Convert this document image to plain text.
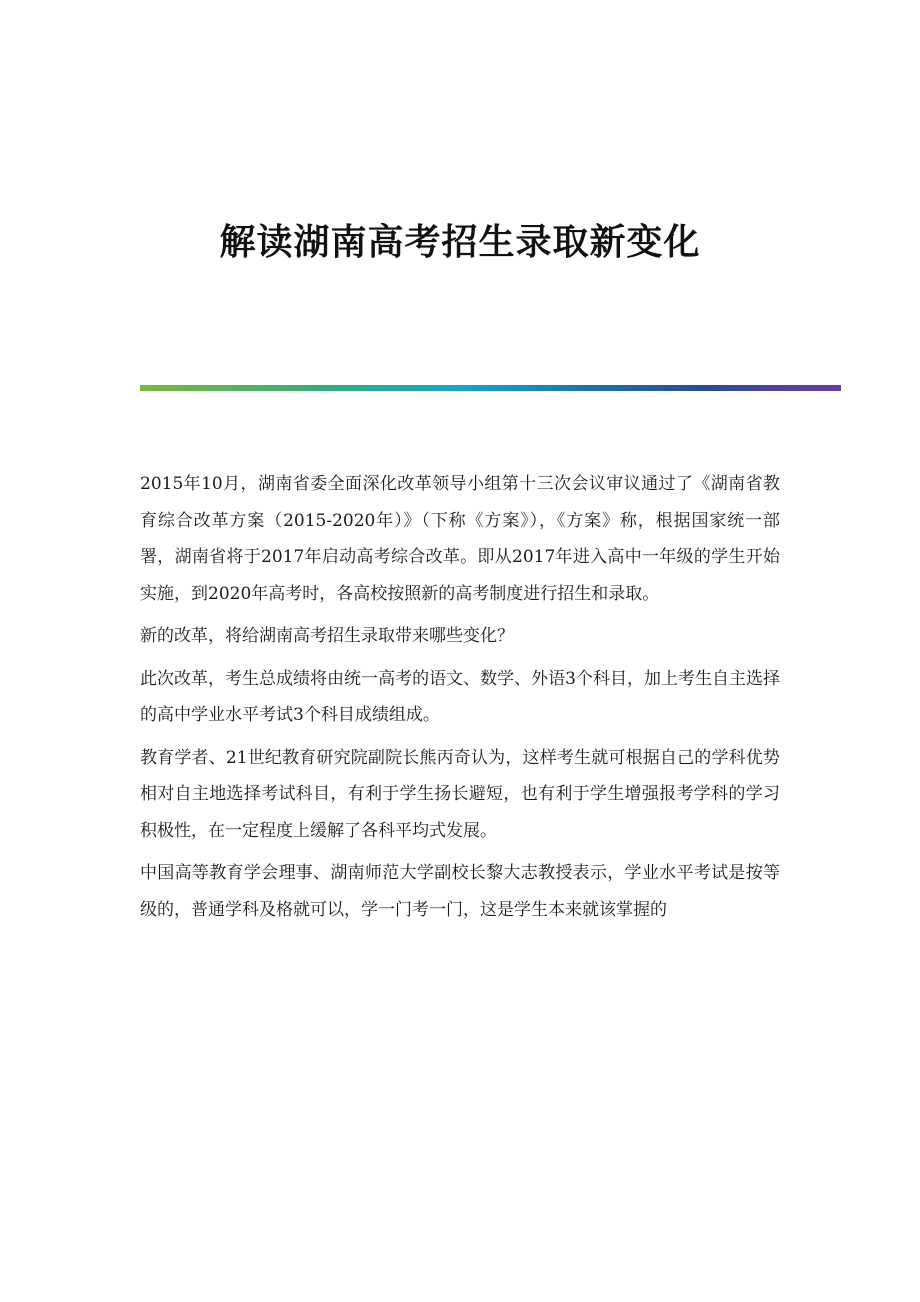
解读湖南高考招生录取新变化

2015年10月，湖南省委全面深化改革领导小组第十三次会议审议通过了《湖南省教育综合改革方案（2015-2020年）》（下称《方案》），《方案》称，根据国家统一部署，湖南省将于2017年启动高考综合改革。即从2017年进入高中一年级的学生开始实施，到2020年高考时，各高校按照新的高考制度进行招生和录取。

新的改革，将给湖南高考招生录取带来哪些变化？

此次改革，考生总成绩将由统一高考的语文、数学、外语3个科目，加上考生自主选择的高中学业水平考试3个科目成绩组成。

教育学者、21世纪教育研究院副院长熊丙奇认为，这样考生就可根据自己的学科优势相对自主地选择考试科目，有利于学生扬长避短，也有利于学生增强报考学科的学习积极性，在一定程度上缓解了各科平均式发展。

中国高等教育学会理事、湖南师范大学副校长黎大志教授表示，学业水平考试是按等级的，普通学科及格就可以，学一门考一门，这是学生本来就该掌握的
